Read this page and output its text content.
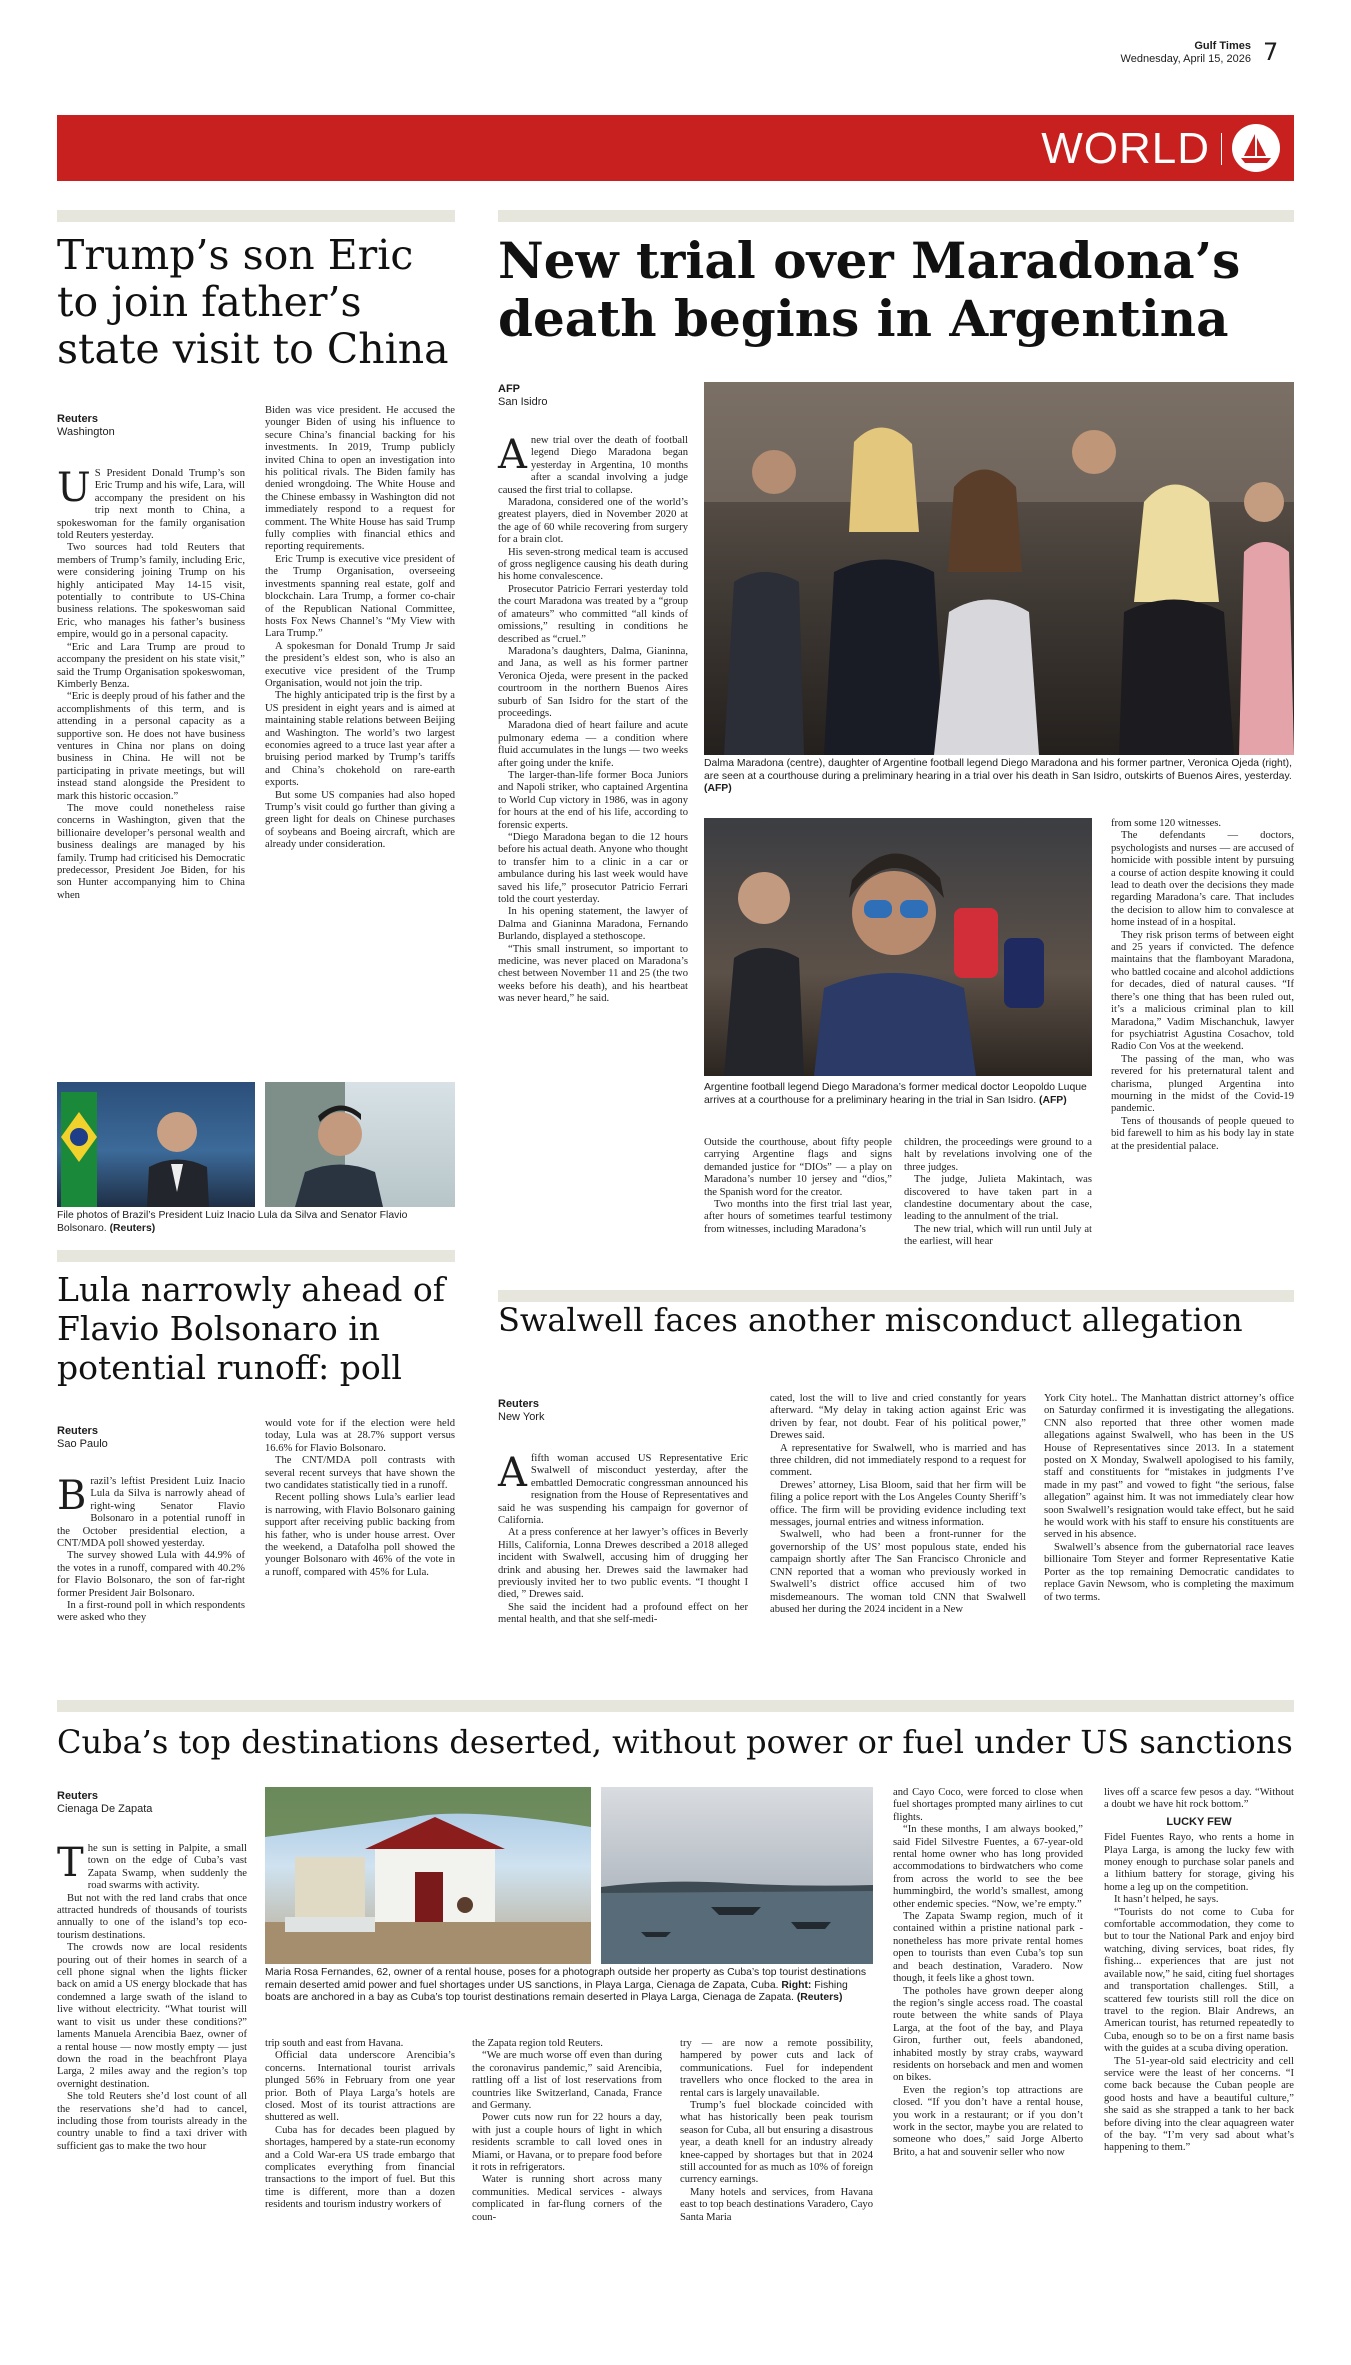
Gulf Times
Wednesday, April 15, 2026 7
WORLD
Trump’s son Eric to join father’s state visit to China
Reuters
Washington

U S President Donald Trump’s son Eric Trump and his wife, Lara, will accompany the president on his trip next month to China, a spokeswoman for the family organisation told Reuters yesterday.

Two sources had told Reuters that members of Trump’s family, including Eric, were considering joining Trump on his highly anticipated May 14-15 visit, potentially to contribute to US-China business relations. The spokeswoman said Eric, who manages his father’s business empire, would go in a personal capacity.

“Eric and Lara Trump are proud to accompany the president on his state visit,” said the Trump Organisation spokeswoman, Kimberly Benza.

“Eric is deeply proud of his father and the accomplishments of this term, and is attending in a personal capacity as a supportive son. He does not have business ventures in China nor plans on doing business in China. He will not be participating in private meetings, but will instead stand alongside the President to mark this historic occasion.”

The move could nonetheless raise concerns in Washington, given that the billionaire developer’s personal wealth and business dealings are managed by his family. Trump had criticised his Democratic predecessor, President Joe Biden, for his son Hunter accompanying him to China when

Biden was vice president. He accused the younger Biden of using his influence to secure China’s financial backing for his investments. In 2019, Trump publicly invited China to open an investigation into his political rivals. The Biden family has denied wrongdoing. The White House and the Chinese embassy in Washington did not immediately respond to a request for comment. The White House has said Trump fully complies with financial ethics and reporting requirements.

Eric Trump is executive vice president of the Trump Organisation, overseeing investments spanning real estate, golf and blockchain. Lara Trump, a former co-chair of the Republican National Committee, hosts Fox News Channel’s “My View with Lara Trump.”

A spokesman for Donald Trump Jr said the president’s eldest son, who is also an executive vice president of the Trump Organisation, would not join the trip.

The highly anticipated trip is the first by a US president in eight years and is aimed at maintaining stable relations between Beijing and Washington. The world’s two largest economies agreed to a truce last year after a bruising period marked by Trump’s tariffs and China’s chokehold on rare-earth exports.

But some US companies had also hoped Trump’s visit could go further than giving a green light for deals on Chinese purchases of soybeans and Boeing aircraft, which are already under consideration.

File photos of Brazil’s President Luiz Inacio Lula da Silva and Senator Flavio Bolsonaro. (Reuters)
Lula narrowly ahead of Flavio Bolsonaro in potential runoff: poll
Reuters
Sao Paulo

Brazil’s leftist President Luiz Inacio Lula da Silva is narrowly ahead of right-wing Senator Flavio Bolsonaro in a potential runoff in the October presidential election, a CNT/MDA poll showed yesterday.

The survey showed Lula with 44.9% of the votes in a runoff, compared with 40.2% for Flavio Bolsonaro, the son of far-right former President Jair Bolsonaro.

In a first-round poll in which respondents were asked who they

would vote for if the election were held today, Lula was at 28.7% support versus 16.6% for Flavio Bolsonaro.

The CNT/MDA poll contrasts with several recent surveys that have shown the two candidates statistically tied in a runoff.

Recent polling shows Lula’s earlier lead is narrowing, with Flavio Bolsonaro gaining support after receiving public backing from his father, who is under house arrest. Over the weekend, a Datafolha poll showed the younger Bolsonaro with 46% of the vote in a runoff, compared with 45% for Lula.

New trial over Maradona’s death begins in Argentina
AFP
San Isidro

A new trial over the death of football legend Diego Maradona began yesterday in Argentina, 10 months after a scandal involving a judge caused the first trial to collapse.

Maradona, considered one of the world’s greatest players, died in November 2020 at the age of 60 while recovering from surgery for a brain clot.

His seven-strong medical team is accused of gross negligence causing his death during his home convalescence.

Prosecutor Patricio Ferrari yesterday told the court Maradona was treated by a “group of amateurs” who committed “all kinds of omissions,” resulting in conditions he described as “cruel.”

Maradona’s daughters, Dalma, Gianinna, and Jana, as well as his former partner Veronica Ojeda, were present in the packed courtroom in the northern Buenos Aires suburb of San Isidro for the start of the proceedings.

Maradona died of heart failure and acute pulmonary edema — a condition where fluid accumulates in the lungs — two weeks after going under the knife.

The larger-than-life former Boca Juniors and Napoli striker, who captained Argentina to World Cup victory in 1986, was in agony for hours at the end of his life, according to forensic experts.

“Diego Maradona began to die 12 hours before his actual death. Anyone who thought to transfer him to a clinic in a car or ambulance during his last week would have saved his life,” prosecutor Patricio Ferrari told the court yesterday.

In his opening statement, the lawyer of Dalma and Gianinna Maradona, Fernando Burlando, displayed a stethoscope.

“This small instrument, so important to medicine, was never placed on Maradona’s chest between November 11 and 25 (the two weeks before his death), and his heartbeat was never heard,” he said.

Dalma Maradona (centre), daughter of Argentine football legend Diego Maradona and his former partner, Veronica Ojeda (right), are seen at a courthouse during a preliminary hearing in a trial over his death in San Isidro, outskirts of Buenos Aires, yesterday. (AFP)
Argentine football legend Diego Maradona’s former medical doctor Leopoldo Luque arrives at a courthouse for a preliminary hearing in the trial in San Isidro. (AFP)

Outside the courthouse, about fifty people carrying Argentine flags and signs demanded justice for “DIOs” — a play on Maradona’s number 10 jersey and “dios,” the Spanish word for the creator.

Two months into the first trial last year, after hours of sometimes tearful testimony from witnesses, including Maradona’s

children, the proceedings were ground to a halt by revelations involving one of the three judges.

The judge, Julieta Makintach, was discovered to have taken part in a clandestine documentary about the case, leading to the annulment of the trial.

The new trial, which will run until July at the earliest, will hear

from some 120 witnesses.

The defendants — doctors, psychologists and nurses — are accused of homicide with possible intent by pursuing a course of action despite knowing it could lead to death over the decisions they made regarding Maradona’s care. That includes the decision to allow him to convalesce at home instead of in a hospital.

They risk prison terms of between eight and 25 years if convicted. The defence maintains that the flamboyant Maradona, who battled cocaine and alcohol addictions for decades, died of natural causes. “If there’s one thing that has been ruled out, it’s a malicious criminal plan to kill Maradona,” Vadim Mischanchuk, lawyer for psychiatrist Agustina Cosachov, told Radio Con Vos at the weekend.

The passing of the man, who was revered for his preternatural talent and charisma, plunged Argentina into mourning in the midst of the Covid-19 pandemic.

Tens of thousands of people queued to bid farewell to him as his body lay in state at the presidential palace.

Swalwell faces another misconduct allegation
Reuters
New York

A fifth woman accused US Representative Eric Swalwell of misconduct yesterday, after the embattled Democratic congressman announced his resignation from the House of Representatives and said he was suspending his campaign for governor of California.

At a press conference at her lawyer’s offices in Beverly Hills, California, Lonna Drewes described a 2018 alleged incident with Swalwell, accusing him of drugging her drink and abusing her. Drewes said the lawmaker had previously invited her to two public events. “I thought I died, ” Drewes said.

She said the incident had a profound effect on her mental health, and that she self-medi-

cated, lost the will to live and cried constantly for years afterward. “My delay in taking action against Eric was driven by fear, not doubt. Fear of his political power,” Drewes said.

A representative for Swalwell, who is married and has three children, did not immediately respond to a request for comment.

Drewes’ attorney, Lisa Bloom, said that her firm will be filing a police report with the Los Angeles County Sheriff’s office. The firm will be providing evidence including text messages, journal entries and witness information.

Swalwell, who had been a front-runner for the governorship of the US’ most populous state, ended his campaign shortly after The San Francisco Chronicle and CNN reported that a woman who previously worked in Swalwell’s district office accused him of two misdemeanours. The woman told CNN that Swalwell abused her during the 2024 incident in a New

York City hotel.. The Manhattan district attorney’s office on Saturday confirmed it is investigating the allegations. CNN also reported that three other women made allegations against Swalwell, who has been in the US House of Representatives since 2013. In a statement posted on X Monday, Swalwell apologised to his family, staff and constituents for “mistakes in judgments I’ve made in my past” and vowed to fight “the serious, false allegation” against him. It was not immediately clear how soon Swalwell’s resignation would take effect, but he said he would work with his staff to ensure his constituents are served in his absence.

Swalwell’s absence from the gubernatorial race leaves billionaire Tom Steyer and former Representative Katie Porter as the top remaining Democratic candidates to replace Gavin Newsom, who is completing the maximum of two terms.

Cuba’s top destinations deserted, without power or fuel under US sanctions
Reuters
Cienaga De Zapata

The sun is setting in Palpite, a small town on the edge of Cuba’s vast Zapata Swamp, when suddenly the road swarms with activity.

But not with the red land crabs that once attracted hundreds of thousands of tourists annually to one of the island’s top eco-tourism destinations.

The crowds now are local residents pouring out of their homes in search of a cell phone signal when the lights flicker back on amid a US energy blockade that has condemned a large swath of the island to live without electricity. “What tourist will want to visit us under these conditions?” laments Manuela Arencibia Baez, owner of a rental house — now mostly empty — just down the road in the beachfront Playa Larga, 2 miles away and the region’s top overnight destination.

She told Reuters she’d lost count of all the reservations she’d had to cancel, including those from tourists already in the country unable to find a taxi driver with sufficient gas to make the two hour

Maria Rosa Fernandes, 62, owner of a rental house, poses for a photograph outside her property as Cuba’s top tourist destinations remain deserted amid power and fuel shortages under US sanctions, in Playa Larga, Cienaga de Zapata, Cuba. Right: Fishing boats are anchored in a bay as Cuba’s top tourist destinations remain deserted in Playa Larga, Cienaga de Zapata. (Reuters)

trip south and east from Havana.

Official data underscore Arencibia’s concerns. International tourist arrivals plunged 56% in February from one year prior. Both of Playa Larga’s hotels are closed. Most of its tourist attractions are shuttered as well.

Cuba has for decades been plagued by shortages, hampered by a state-run economy and a Cold War-era US trade embargo that complicates everything from financial transactions to the import of fuel. But this time is different, more than a dozen residents and tourism industry workers of

the Zapata region told Reuters.

“We are much worse off even than during the coronavirus pandemic,” said Arencibia, rattling off a list of lost reservations from countries like Switzerland, Canada, France and Germany.

Power cuts now run for 22 hours a day, with just a couple hours of light in which residents scramble to call loved ones in Miami, or Havana, or to prepare food before it rots in refrigerators.

Water is running short across many communities. Medical services - always complicated in far-flung corners of the coun-

try — are now a remote possibility, hampered by power cuts and lack of communications. Fuel for independent travellers who once flocked to the area in rental cars is largely unavailable.

Trump’s fuel blockade coincided with what has historically been peak tourism season for Cuba, all but ensuring a disastrous year, a death knell for an industry already knee-capped by shortages but that in 2024 still accounted for as much as 10% of foreign currency earnings.

Many hotels and services, from Havana east to top beach destinations Varadero, Cayo Santa Maria

and Cayo Coco, were forced to close when fuel shortages prompted many airlines to cut flights.

“In these months, I am always booked,” said Fidel Silvestre Fuentes, a 67-year-old rental home owner who has long provided accommodations to birdwatchers who come from across the world to see the bee hummingbird, the world’s smallest, among other endemic species. “Now, we’re empty.”

The Zapata Swamp region, much of it contained within a pristine national park - nonetheless has more private rental homes open to tourists than even Cuba’s top sun and beach destination, Varadero. Now though, it feels like a ghost town.

The potholes have grown deeper along the region’s single access road. The coastal route between the white sands of Playa Larga, at the foot of the bay, and Playa Giron, further out, feels abandoned, inhabited mostly by stray crabs, wayward residents on horseback and men and women on bikes.

Even the region’s top attractions are closed. “If you don’t have a rental house, you work in a restaurant; or if you don’t work in the sector, maybe you are related to someone who does,” said Jorge Alberto Brito, a hat and souvenir seller who now

lives off a scarce few pesos a day. “Without a doubt we have hit rock bottom.”

LUCKY FEW

Fidel Fuentes Rayo, who rents a home in Playa Larga, is among the lucky few with money enough to purchase solar panels and a lithium battery for storage, giving his home a leg up on the competition.

It hasn’t helped, he says.

“Tourists do not come to Cuba for comfortable accommodation, they come to but to tour the National Park and enjoy bird watching, diving services, boat rides, fly fishing... experiences that are just not available now,” he said, citing fuel shortages and transportation challenges. Still, a scattered few tourists still roll the dice on travel to the region. Blair Andrews, an American tourist, has returned repeatedly to Cuba, enough so to be on a first name basis with the guides at a scuba diving operation.

The 51-year-old said electricity and cell service were the least of her concerns. “I come back because the Cuban people are good hosts and have a beautiful culture,” she said as she strapped a tank to her back before diving into the clear aquagreen water of the bay. “I’m very sad about what’s happening to them.”
